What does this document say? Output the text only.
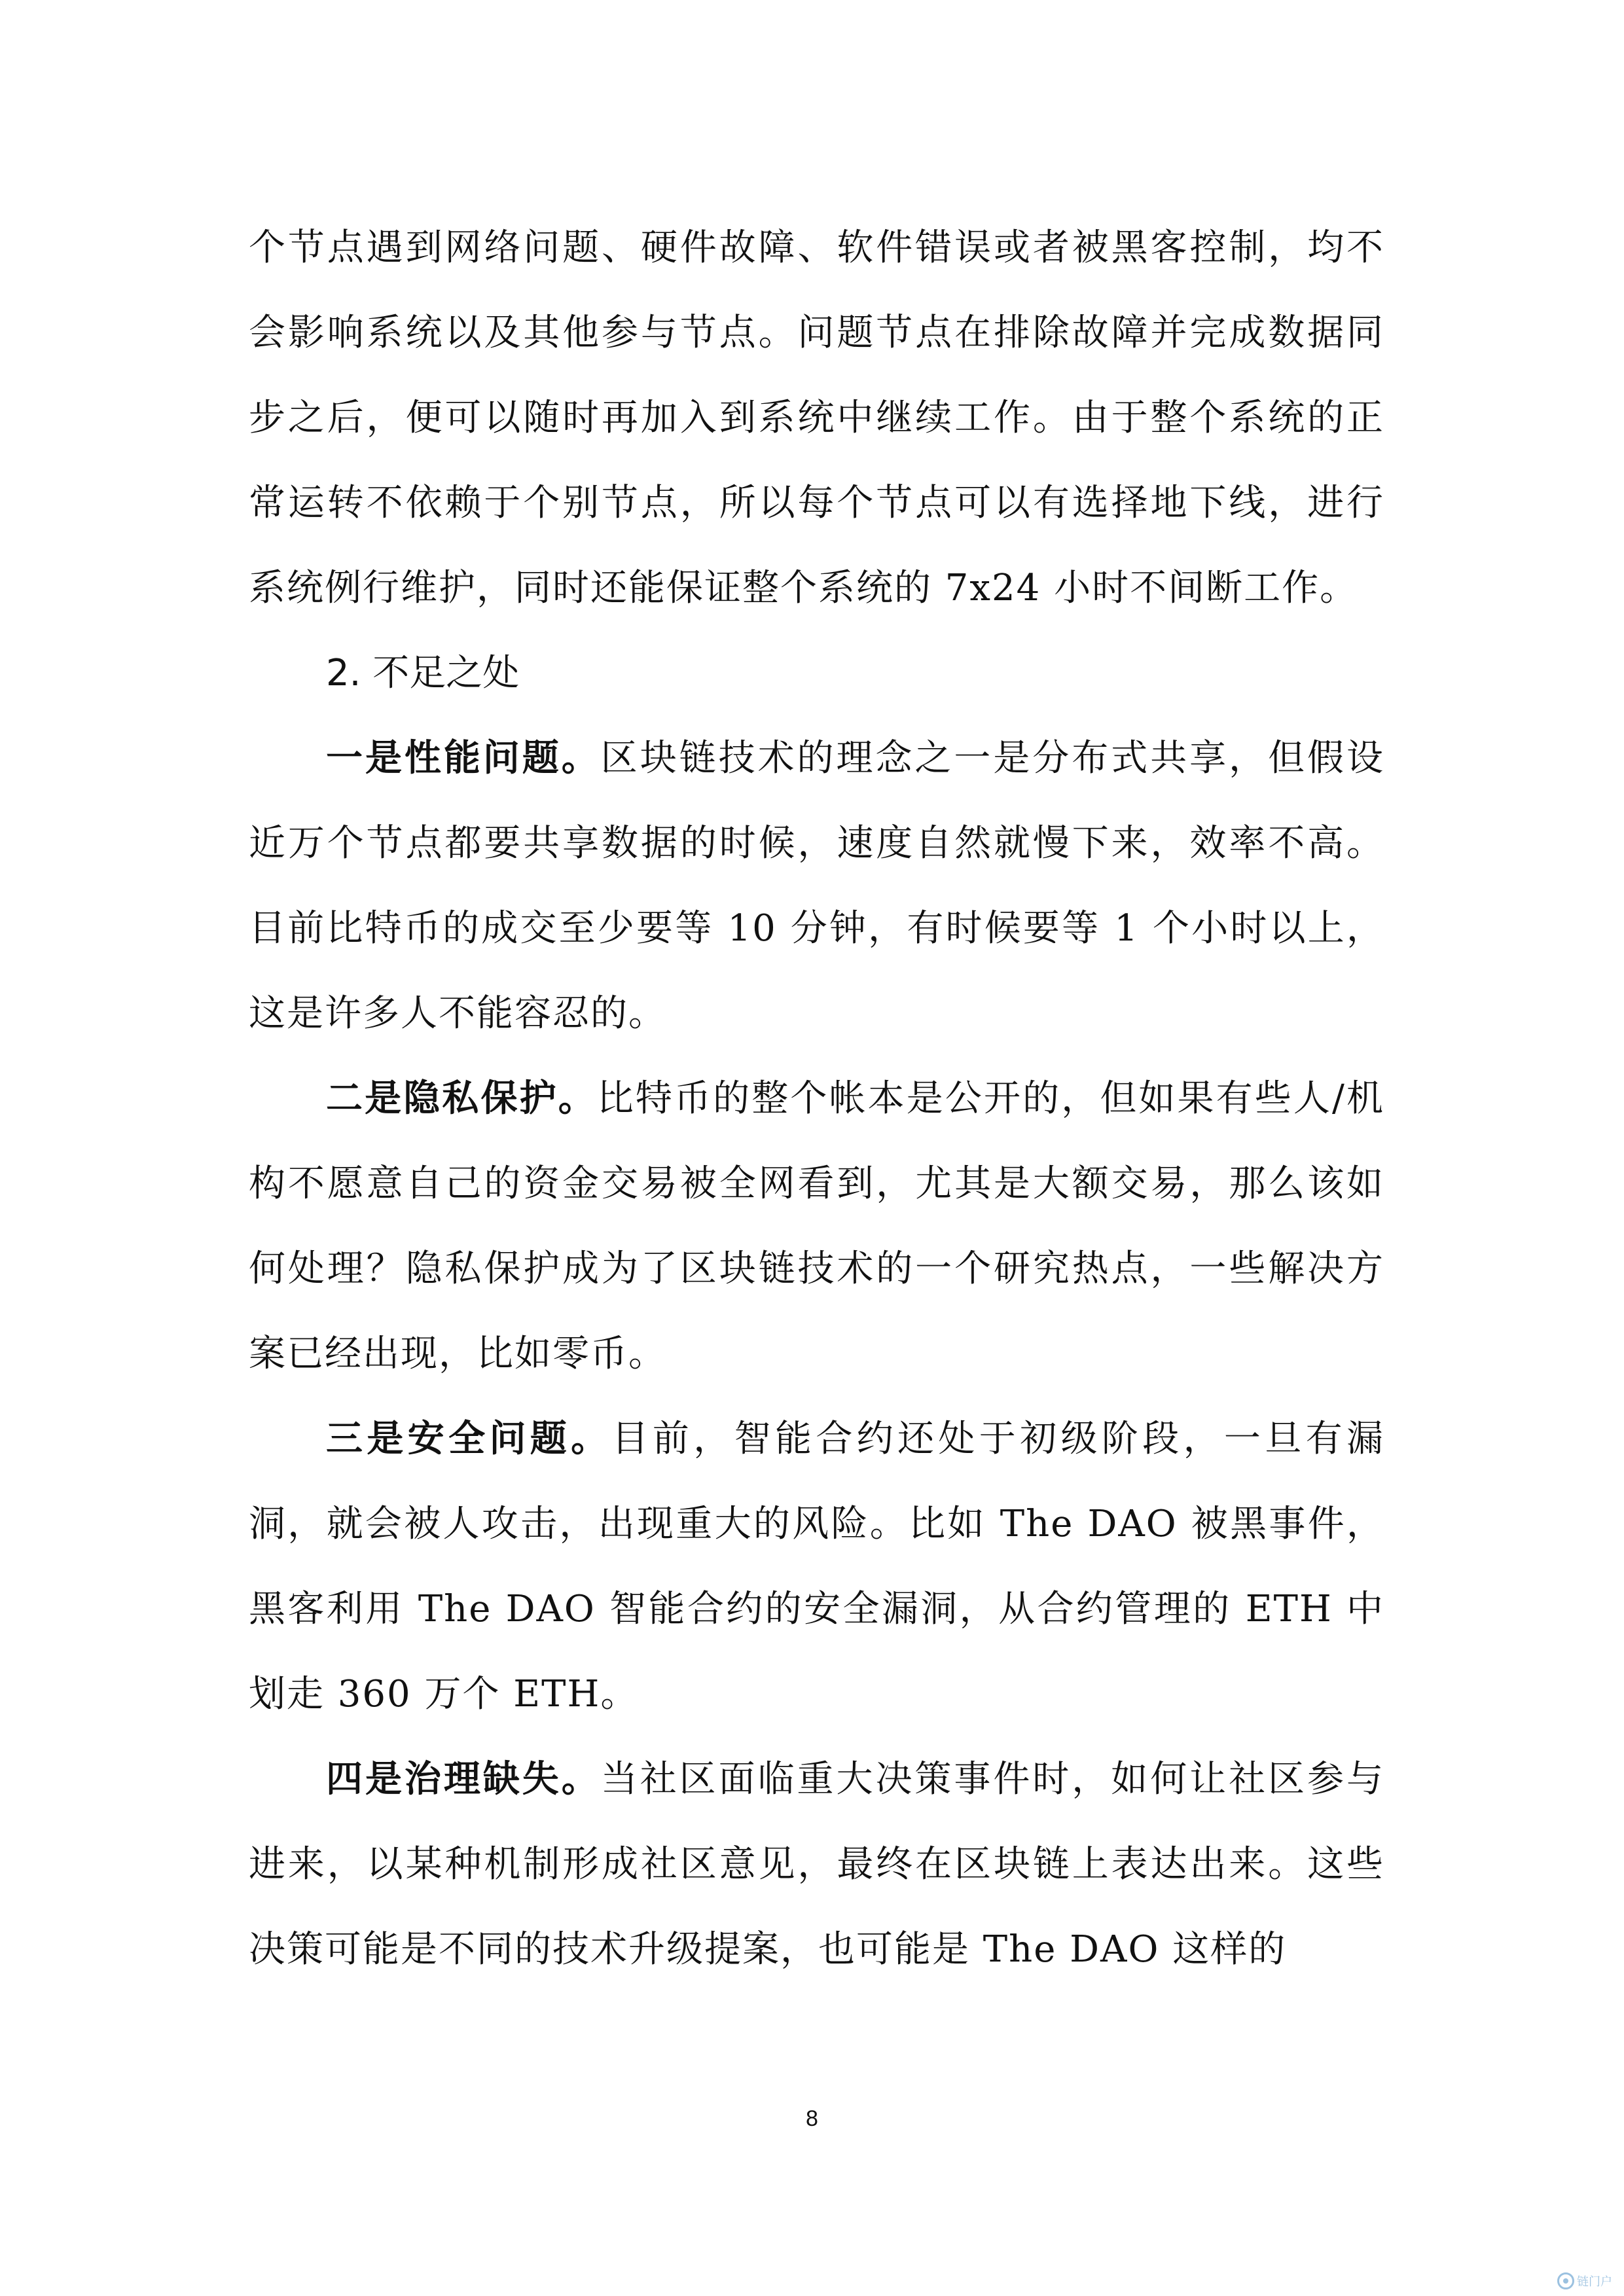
个节点遇到网络问题、硬件故障、软件错误或者被黑客控制，均不会影响系统以及其他参与节点。问题节点在排除故障并完成数据同步之后，便可以随时再加入到系统中继续工作。由于整个系统的正常运转不依赖于个别节点，所以每个节点可以有选择地下线，进行系统例行维护，同时还能保证整个系统的 7x24 小时不间断工作。

2. 不足之处

一是性能问题。区块链技术的理念之一是分布式共享，但假设近万个节点都要共享数据的时候，速度自然就慢下来，效率不高。目前比特币的成交至少要等 10 分钟，有时候要等 1 个小时以上，这是许多人不能容忍的。

二是隐私保护。比特币的整个帐本是公开的，但如果有些人/机构不愿意自己的资金交易被全网看到，尤其是大额交易，那么该如何处理？隐私保护成为了区块链技术的一个研究热点，一些解决方案已经出现，比如零币。

三是安全问题。目前，智能合约还处于初级阶段，一旦有漏洞，就会被人攻击，出现重大的风险。比如 The DAO 被黑事件，黑客利用 The DAO 智能合约的安全漏洞，从合约管理的 ETH 中划走 360 万个 ETH。

四是治理缺失。当社区面临重大决策事件时，如何让社区参与进来，以某种机制形成社区意见，最终在区块链上表达出来。这些决策可能是不同的技术升级提案，也可能是 The DAO 这样的

8
链门户
